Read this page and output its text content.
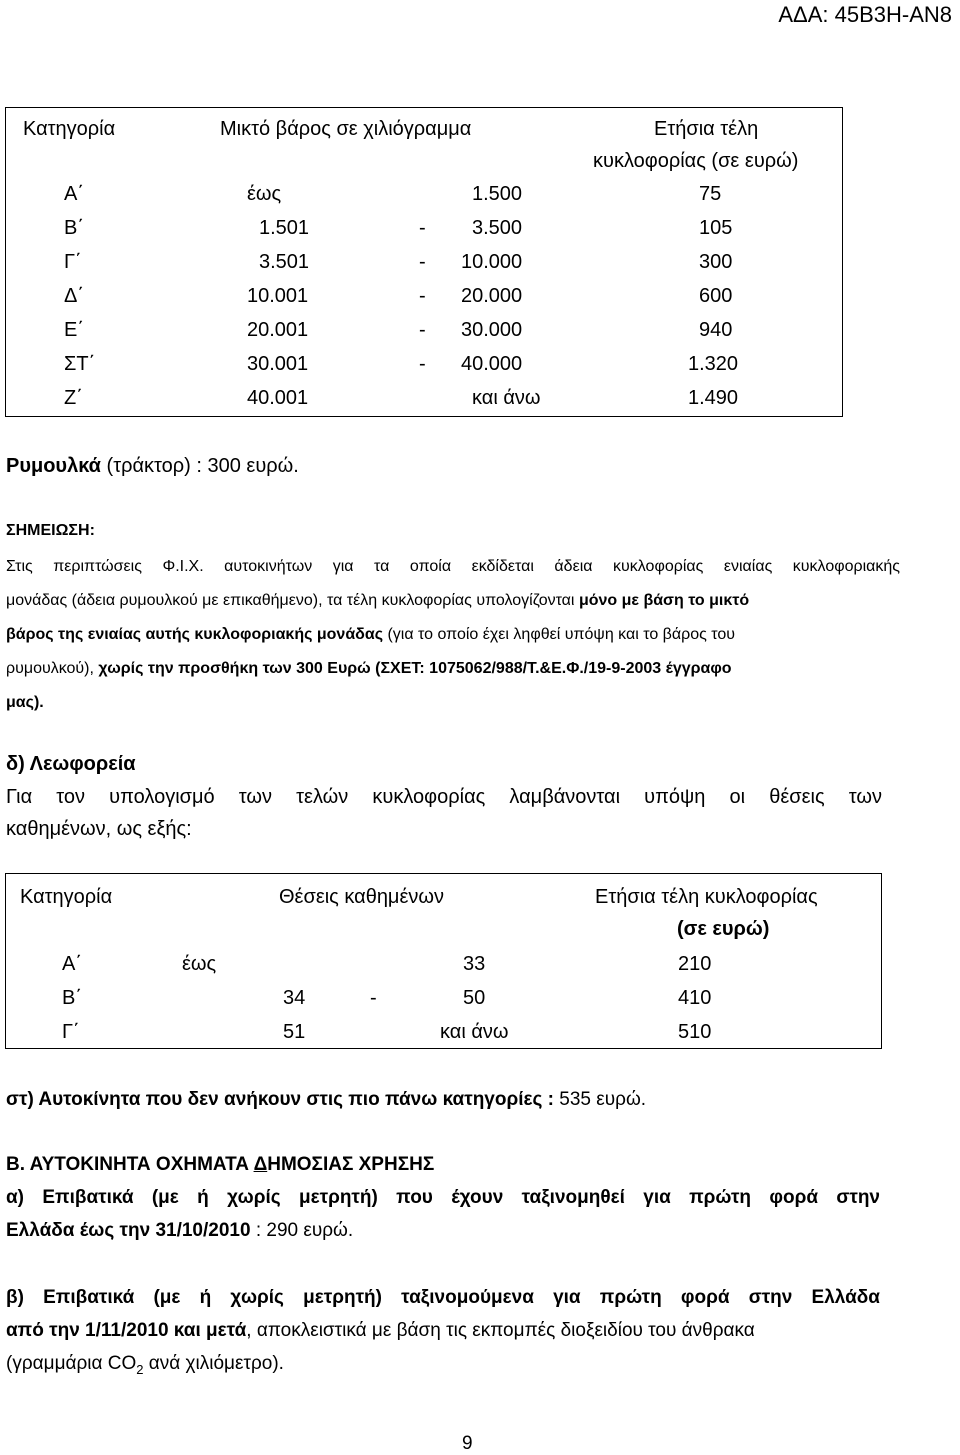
ΑΔΑ: 45Β3Η-ΑΝ8
Κατηγορία	Μικτό βάρος σε χιλιόγραμμα	Ετήσια τέλη
κυκλοφορίας (σε ευρώ)
Α΄	έως	1.500	75
Β΄	1.501	- 3.500	105
Γ΄	3.501	- 10.000	300
Δ΄	10.001	- 20.000	600
Ε΄	20.001	- 30.000	940
ΣΤ΄	30.001	- 40.000	1.320
Ζ΄	40.001	και άνω	1.490
Ρυμουλκά (τράκτορ) : 300 ευρώ.
ΣΗΜΕΙΩΣΗ:
Στις περιπτώσεις Φ.Ι.Χ. αυτοκινήτων για τα οποία εκδίδεται άδεια κυκλοφορίας ενιαίας κυκλοφοριακής
μονάδας (άδεια ρυμουλκού με επικαθήμενο), τα τέλη κυκλοφορίας υπολογίζονται μόνο με βάση το μικτό
βάρος της ενιαίας αυτής κυκλοφοριακής μονάδας (για το οποίο έχει ληφθεί υπόψη και το βάρος του
ρυμουλκού), χωρίς την προσθήκη των 300 Ευρώ (ΣΧΕΤ: 1075062/988/Τ.&Ε.Φ./19-9-2003 έγγραφο
μας).
δ) Λεωφορεία
Για τον υπολογισμό των τελών κυκλοφορίας λαμβάνονται υπόψη οι θέσεις των
καθημένων, ως εξής:
Κατηγορία	Θέσεις καθημένων	Ετήσια τέλη κυκλοφορίας
(σε ευρώ)
Α΄	έως	33	210
Β΄	34	-	50	410
Γ΄	51	και άνω	510
στ) Αυτοκίνητα που δεν ανήκουν στις πιο πάνω κατηγορίες : 535 ευρώ.
Β. ΑΥΤΟΚΙΝΗΤΑ ΟΧΗΜΑΤΑ ΔΗΜΟΣΙΑΣ ΧΡΗΣΗΣ
α) Επιβατικά (με ή χωρίς μετρητή) που έχουν ταξινομηθεί για πρώτη φορά στην
Ελλάδα έως την 31/10/2010 : 290 ευρώ.
β) Επιβατικά (με ή χωρίς μετρητή) ταξινομούμενα για πρώτη φορά στην Ελλάδα
από την 1/11/2010 και μετά, αποκλειστικά με βάση τις εκπομπές διοξειδίου του άνθρακα
(γραμμάρια $CO_2$ ανά χιλιόμετρο).
9
